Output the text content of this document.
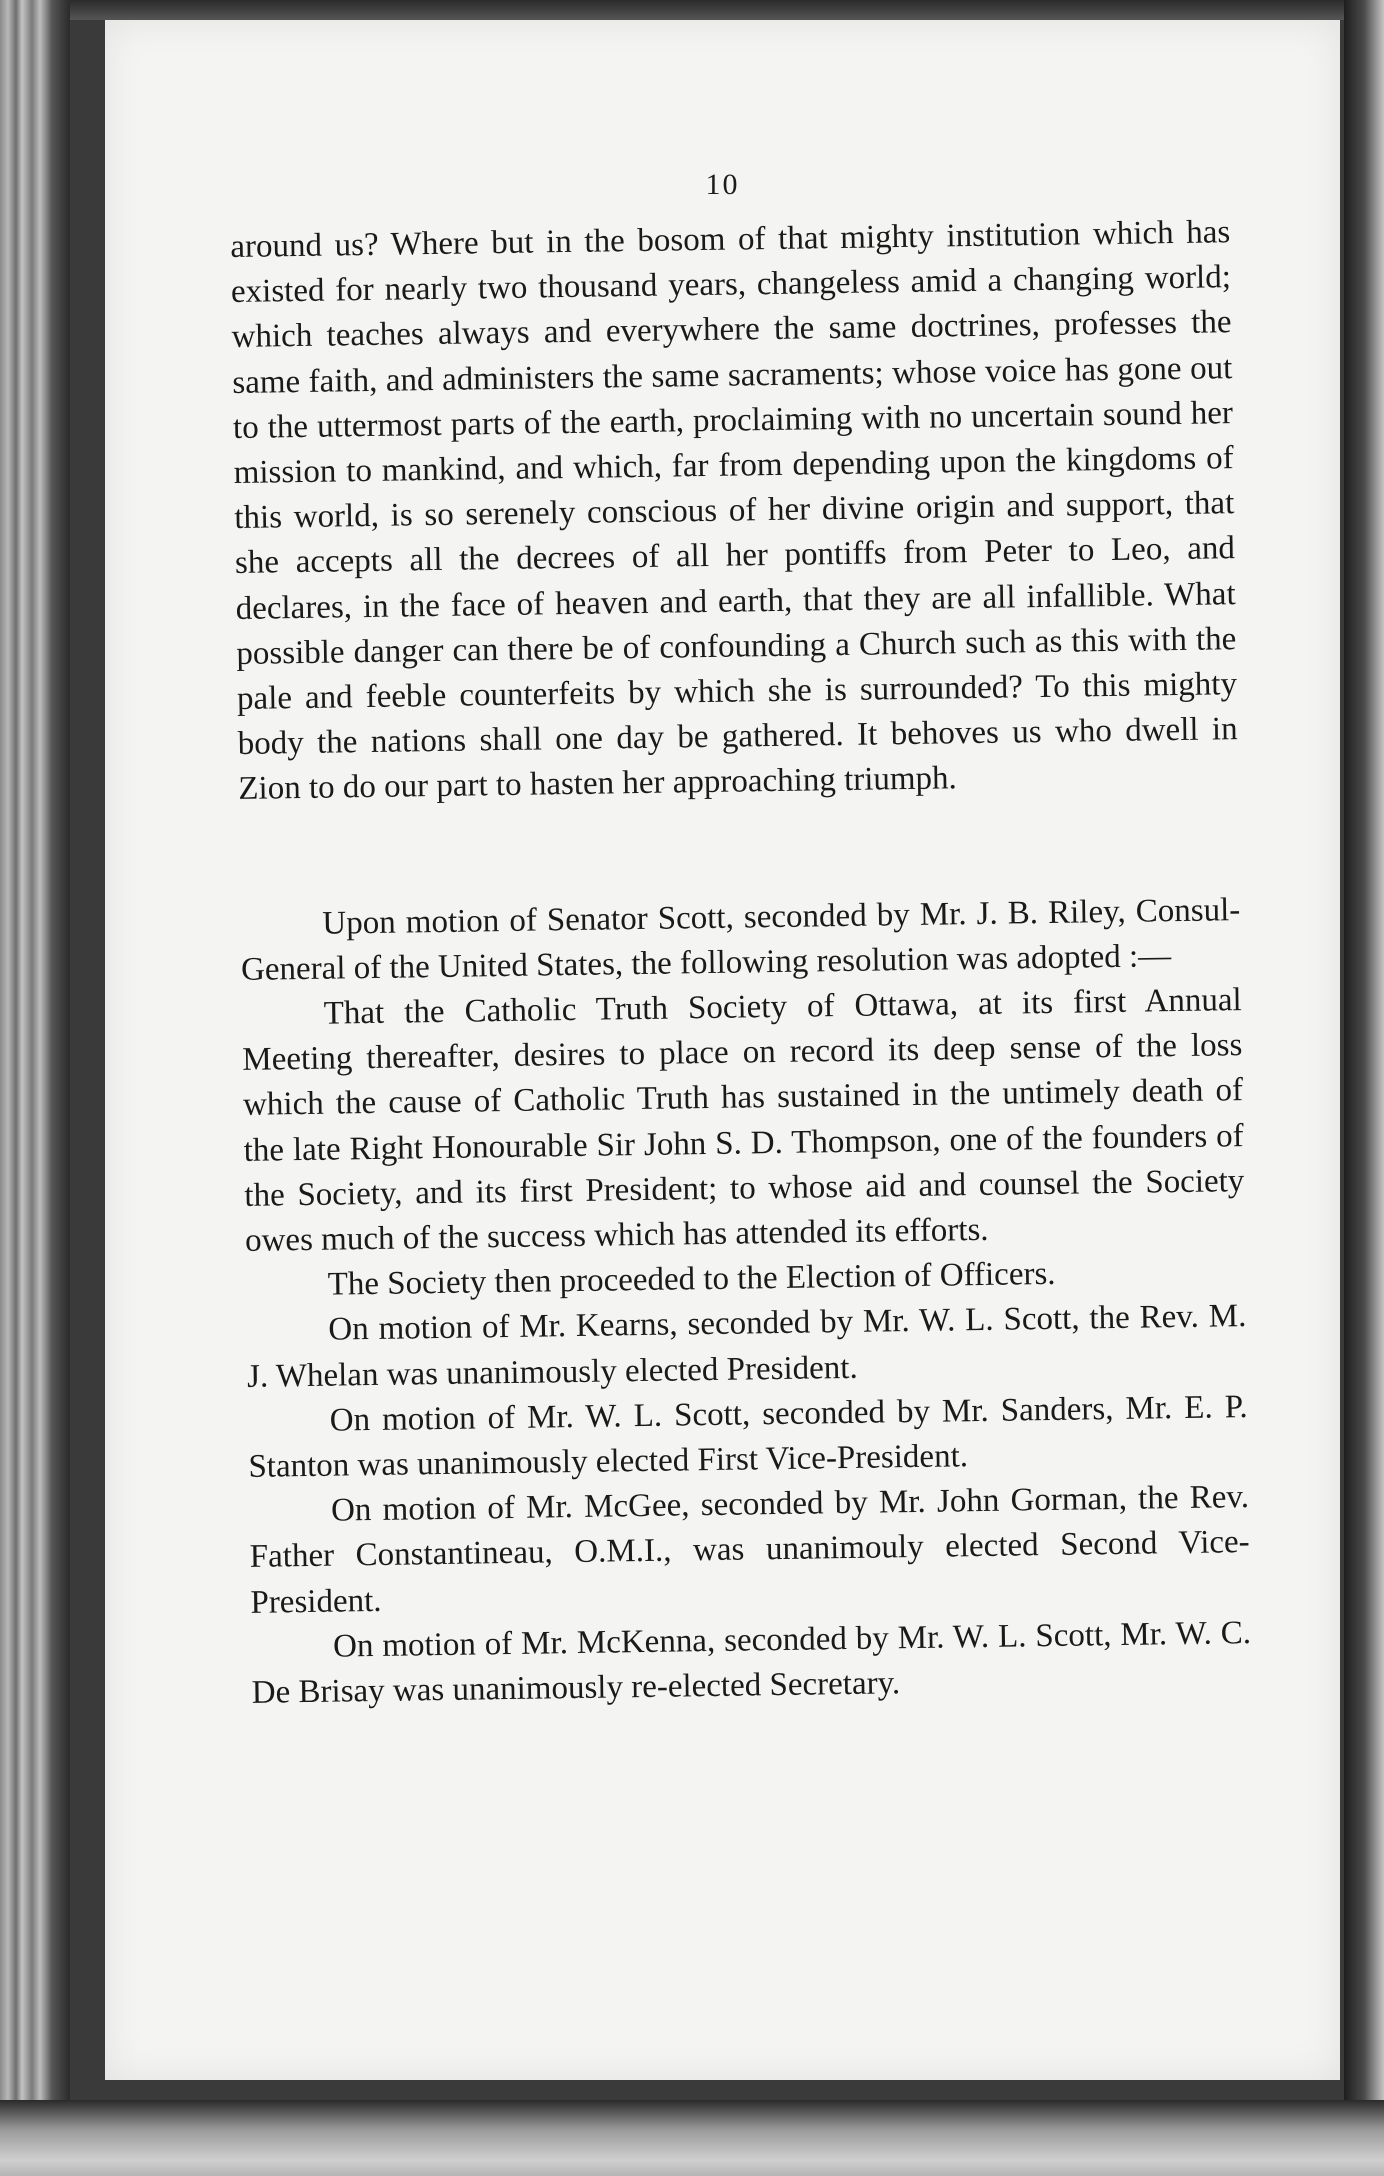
10

around us? Where but in the bosom of that mighty institution which has existed for nearly two thousand years, changeless amid a changing world; which teaches always and everywhere the same doctrines, professes the same faith, and administers the same sacraments; whose voice has gone out to the uttermost parts of the earth, proclaiming with no uncertain sound her mission to mankind, and which, far from depending upon the kingdoms of this world, is so serenely conscious of her divine origin and support, that she accepts all the decrees of all her pontiffs from Peter to Leo, and declares, in the face of heaven and earth, that they are all infallible. What possible danger can there be of confounding a Church such as this with the pale and feeble counterfeits by which she is surrounded? To this mighty body the nations shall one day be gathered. It behoves us who dwell in Zion to do our part to hasten her approaching triumph.

Upon motion of Senator Scott, seconded by Mr. J. B. Riley, Consul-General of the United States, the following resolution was adopted :—

That the Catholic Truth Society of Ottawa, at its first Annual Meeting thereafter, desires to place on record its deep sense of the loss which the cause of Catholic Truth has sustained in the untimely death of the late Right Honourable Sir John S. D. Thompson, one of the founders of the Society, and its first President; to whose aid and counsel the Society owes much of the success which has attended its efforts.

The Society then proceeded to the Election of Officers.

On motion of Mr. Kearns, seconded by Mr. W. L. Scott, the Rev. M. J. Whelan was unanimously elected President.

On motion of Mr. W. L. Scott, seconded by Mr. Sanders, Mr. E. P. Stanton was unanimously elected First Vice-President.

On motion of Mr. McGee, seconded by Mr. John Gorman, the Rev. Father Constantineau, O.M.I., was unanimouly elected Second Vice-President.

On motion of Mr. McKenna, seconded by Mr. W. L. Scott, Mr. W. C. De Brisay was unanimously re-elected Secretary.
